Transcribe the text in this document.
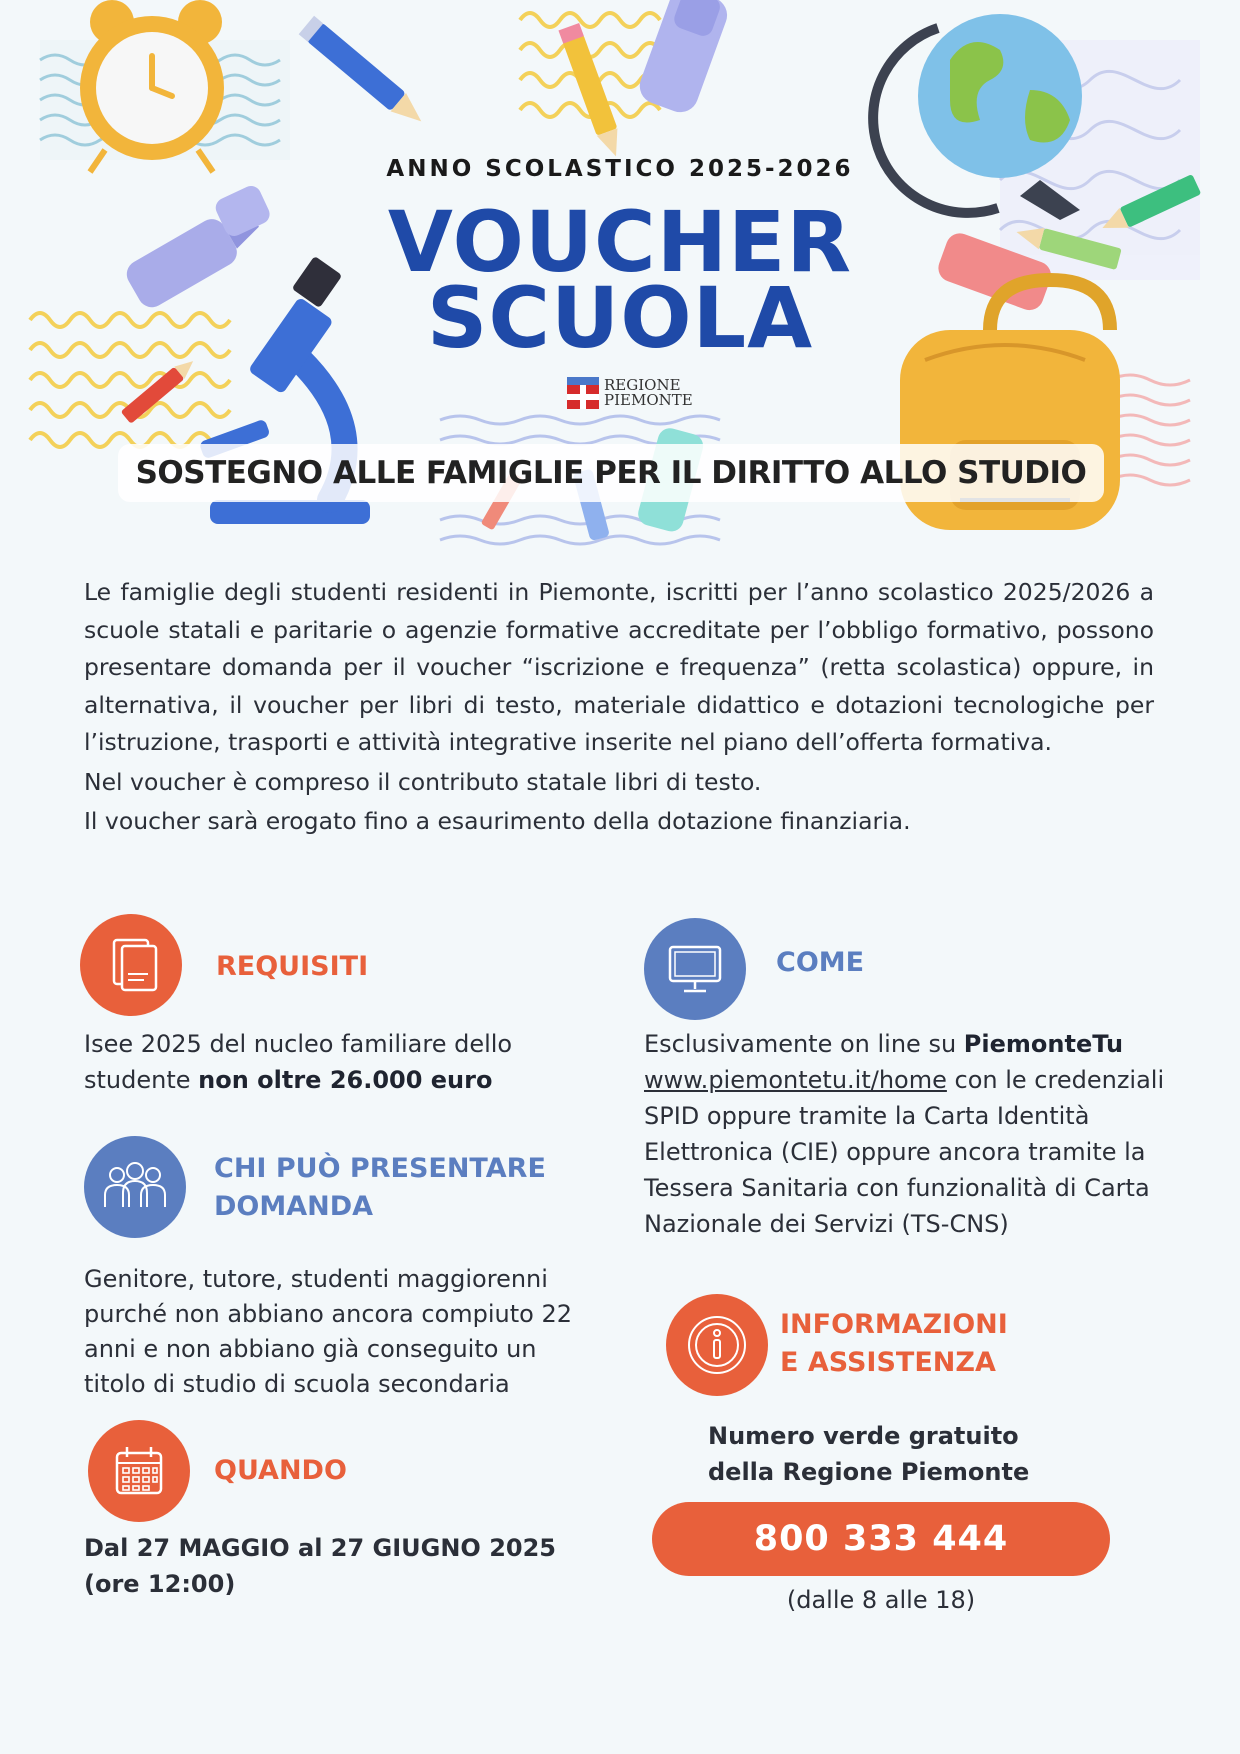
ANNO SCOLASTICO 2025-2026
VOUCHER
SCUOLA
REGIONE
PIEMONTE
SOSTEGNO ALLE FAMIGLIE PER IL DIRITTO ALLO STUDIO

Le famiglie degli studenti residenti in Piemonte, iscritti per l’anno scolastico 2025/2026 a scuole statali e paritarie o agenzie formative accreditate per l’obbligo formativo, possono presentare domanda per il voucher “iscrizione e frequenza” (retta scolastica) oppure, in alternativa, il voucher per libri di testo, materiale didattico e dotazioni tecnologiche per l’istruzione, trasporti e attività integrative inserite nel piano dell’offerta formativa.

Nel voucher è compreso il contributo statale libri di testo.

Il voucher sarà erogato fino a esaurimento della dotazione finanziaria.

REQUISITI
Isee 2025 del nucleo familiare dello studente non oltre 26.000 euro
CHI PUÒ PRESENTARE
DOMANDA
Genitore, tutore, studenti maggiorenni purché non abbiano ancora compiuto 22 anni e non abbiano già conseguito un titolo di studio di scuola secondaria
QUANDO
Dal 27 MAGGIO al 27 GIUGNO 2025
(ore 12:00)
COME
Esclusivamente on line su PiemonteTu www.piemontetu.it/home con le credenziali SPID oppure tramite la Carta Identità Elettronica (CIE) oppure ancora tramite la Tessera Sanitaria con funzionalità di Carta Nazionale dei Servizi (TS-CNS)
INFORMAZIONI
E ASSISTENZA
Numero verde gratuito
della Regione Piemonte
800 333 444
(dalle 8 alle 18)
